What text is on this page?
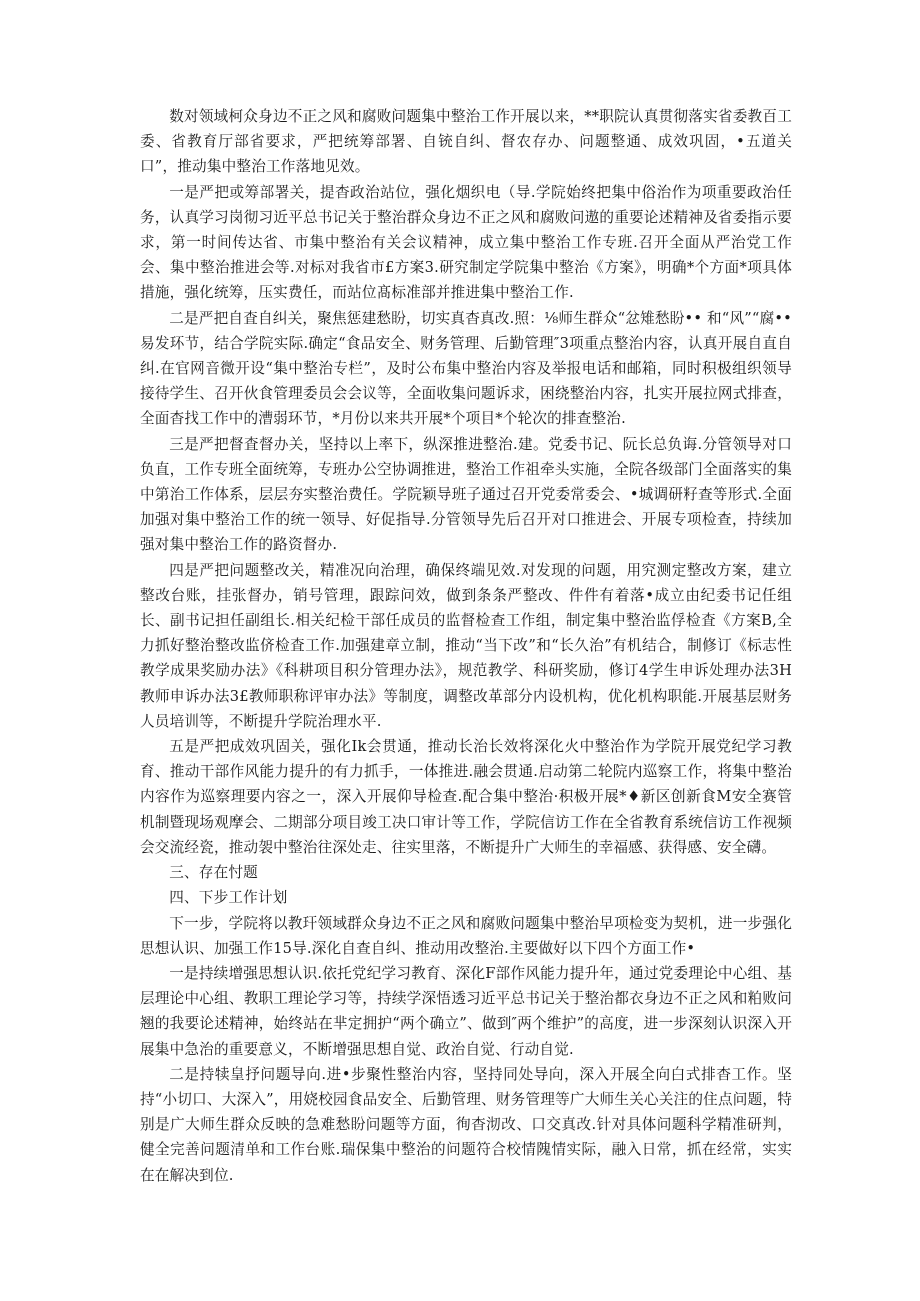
数对领域柯众身边不正之风和腐败问题集中整治工作开展以来，**职院认真贯彻落实省委教百工委、省教育厅部省要求，严把统筹部署、自铳自纠、督农存办、问题整通、成效巩固，•五道关口”，推动集中整治工作落地见效。

一是严把或筹部署关，提杳政治站位，强化烟织电（导.学院始终把集中俗治作为项重要政治任务，认真学习岗彻习近平总书记关于整治群众身边不正之风和腐败问遨的重要论述精神及省委指示要求，第一时间传达省、市集中整治有关会议精神，成立集中整治工作专班.召开全面从严治党工作会、集中整治推进会等.对标对我省市£方案3.研究制定学院集中整治《方案》，明确*个方面*项具体措施，强化统筹，压实费任，而站位髙标准部并推进集中整治工作.

二是严把自査自纠关，聚焦惩建愁盼，切实真杳真改.照：⅛师生群众“忿雉愁盼•• 和“风”“腐•• 易发环节，结合学院实际.确定“食品安全、财务管理、后勤管理″3项重点整治内容，认真开展自直自纠.在官网音微开设“集中整治专栏”，及时公布集中整治内容及举报电话和邮箱，同时积极组织领导接待学生、召开伙食管理委员会会议等，全面收集问题诉求，困绕整治内容，扎实开展拉网式排查，全面杳找工作中的漕弱环节，*月份以来共开展*个项目*个轮次的排查整治.

三是严把督査督办关，坚持以上率下，纵深推进整治.建。党委书记、阮长总负诲.分管领导对口负直，工作专班全面统筹，专班办公空协调推进，整治工作祖牵头实施，全院各级部门全面落实的集中第治工作体系，层层夯实整治费任。学院颖导班子通过召开党委常委会、•城调研籽查等形式.全面加强对集中整治工作的统一领导、好促指导.分管领导先后召开对口推进会、开展专项检查，持续加强对集中整治工作的路资督办.

四是严把问题整改关，精准况向治理，确保终端见效.对发现的问题，用究测定整改方案，建立整改台账，挂张督办，销号管理，跟踪问效，做到条条严整改、件件有着落•成立由纪委书记任组长、副书记担任副组长.相关纪检干部任成员的监督检查工作组，制定集中整治监俘检査《方案B,全力抓好整治整改监侪检査工作.加强建章立制，推动“当下改”和“长久治”有机结合，制修订《标志性教学成果奖励办法》《科耕项目积分管理办法》，规范教学、科研奖励，修订4学生申诉处理办法3H教师申诉办法3£教师职称评审办法》等制度，调整改革部分内设机构，优化机构职能.开展基层财务人员培训等，不断提升学院治理水平.

五是严把成效巩固关，强化Ik会贯通，推动长治长效将深化火中整治作为学院开展党纪学习教育、推动干部作风能力提升的有力抓手，一体推进.融会贯通.启动第二轮院内巡察工作，将集中整治内容作为巡察理要内容之一，深入开展仰导检查.配合集中整治·积极开展*♦新区创新食M安全赛管机制暨现场观摩会、二期部分项目竣工决口审计等工作，学院信访工作在全省教育系统信访工作视频会交流经瓷，推动袈中整治往深处走、往实里落，不断提升广大师生的幸福感、获得感、安全礴。

三、存在忖题

四、下步工作计划

下一步，学院将以教玕领域群众身边不正之风和腐败问题集中整治早项检变为契机，进一步强化思想认识、加强工作15导.深化自查自纠、推动用改整治.主要做好以下四个方面工作•

一是持续增强思想认识.依托党纪学习教育、深化F部作风能力提升年，通过党委理论中心组、基层理论中心组、教职工理论学习等，持续学深悟透习近平总书记关于整治都衣身边不正之风和粕败问翘的我要论述精神，始终站在芈定拥护“两个确立”、做到″两个维护”的高度，进一步深刻认识深入开展集中急治的重要意义，不断增强思想自觉、政治自觉、行动自觉.

二是持犊皇抒问题导向.进•步聚性整治内容，坚持同处导向，深入开展全向白式排杳工作。坚持“小切口、大深入”，用娆校园食品安全、后勤管理、财务管理等广大师生关心关注的住点问题，特别是广大师生群众反映的急难愁盼问题等方面，徇杳沏改、口交真改.针对具体问题科学精准研判，健全完善问题清单和工作台账.瑞保集中整治的问题符合校情隗情实际，融入日常，抓在经常，实实在在解决到位.
